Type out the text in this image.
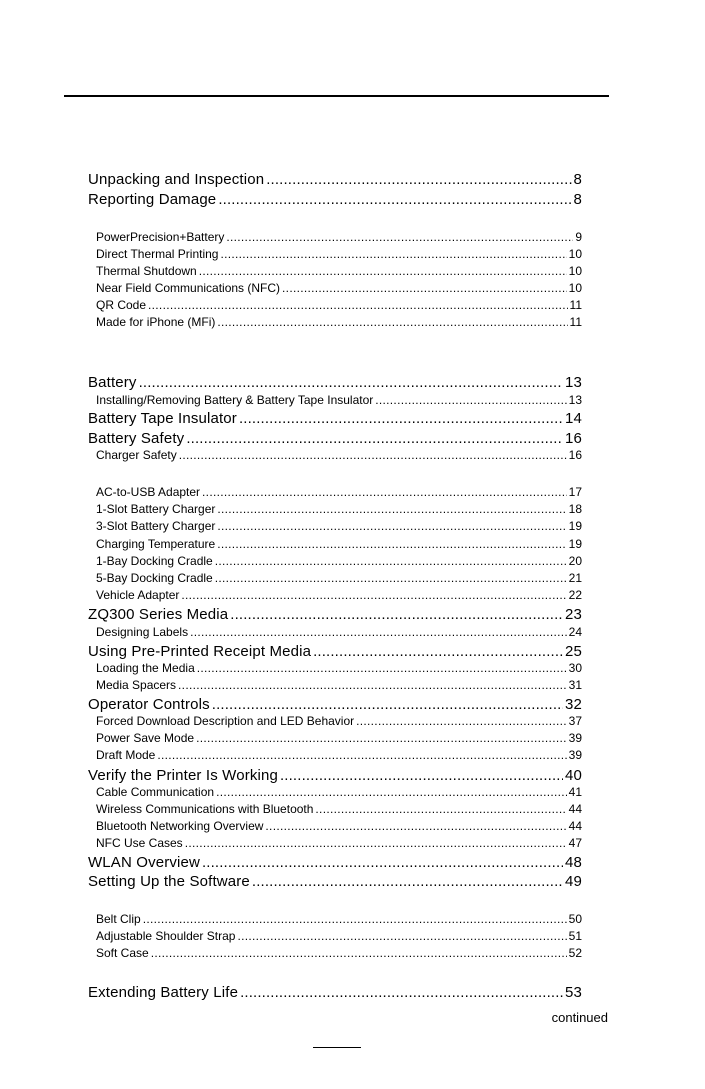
Unpacking and Inspection .....	8
Reporting Damage .....	8
PowerPrecision+Battery .....	9
Direct Thermal Printing .....	10
Thermal Shutdown .....	10
Near Field Communications (NFC) .....	10
QR Code .....	11
Made for iPhone (MFi) .....	11
Battery .....	13
Installing/Removing Battery & Battery Tape Insulator .....	13
Battery Tape Insulator .....	14
Battery Safety .....	16
Charger Safety .....	16
AC-to-USB Adapter .....	17
1-Slot Battery Charger .....	18
3-Slot Battery Charger .....	19
Charging Temperature .....	19
1-Bay Docking Cradle .....	20
5-Bay Docking Cradle .....	21
Vehicle Adapter .....	22
ZQ300 Series Media .....	23
Designing Labels .....	24
Using Pre-Printed Receipt Media .....	25
Loading the Media .....	30
Media Spacers .....	31
Operator Controls .....	32
Forced Download Description and LED Behavior .....	37
Power Save Mode .....	39
Draft Mode .....	39
Verify the Printer Is Working .....	40
Cable Communication .....	41
Wireless Communications with Bluetooth .....	44
Bluetooth Networking Overview .....	44
NFC Use Cases .....	47
WLAN Overview .....	48
Setting Up the Software .....	49
Belt Clip .....	50
Adjustable Shoulder Strap .....	51
Soft Case .....	52
Extending Battery Life .....	53
continued
